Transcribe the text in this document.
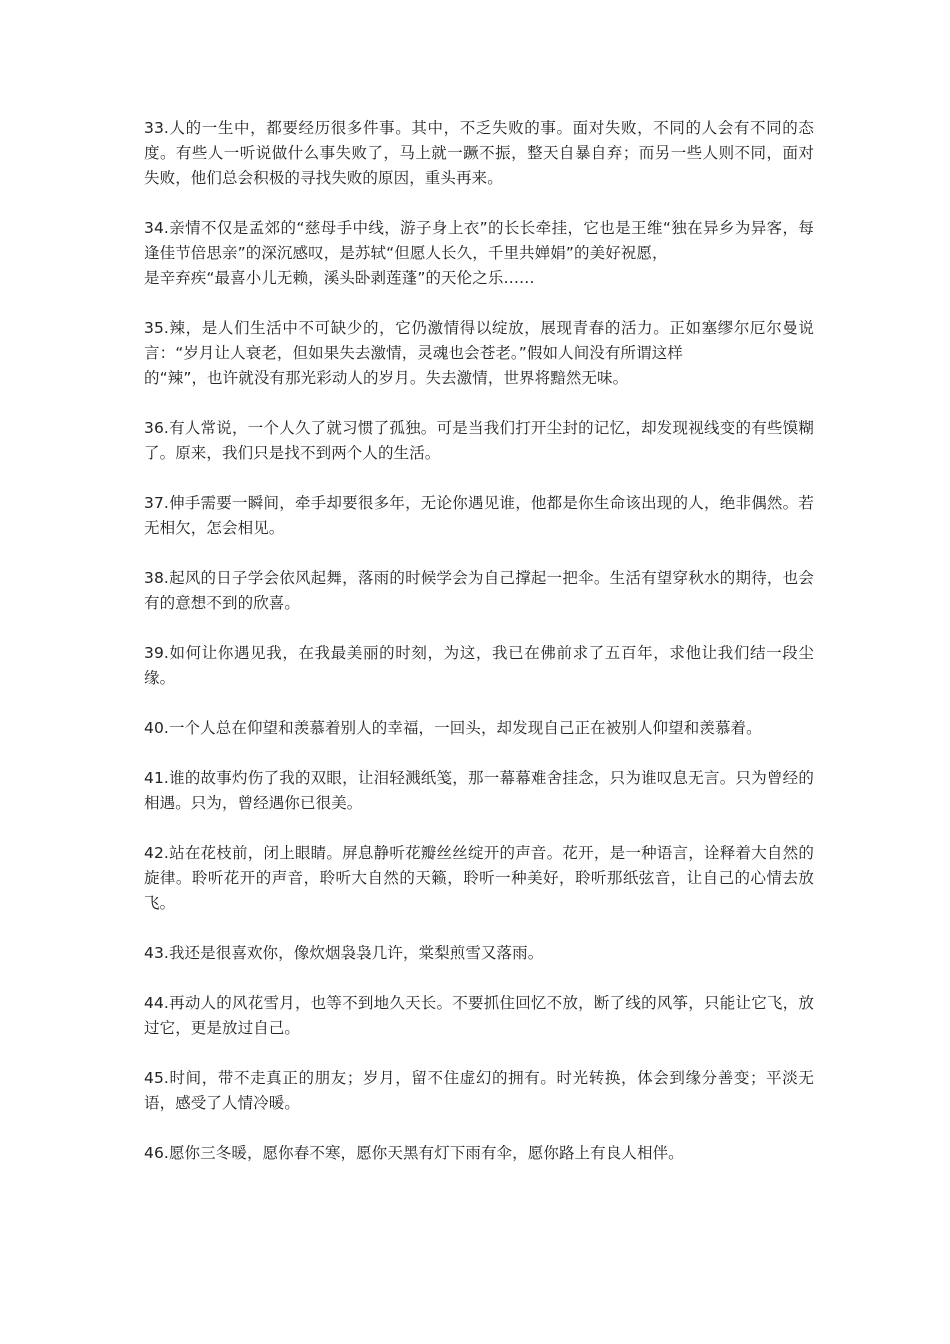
33.人的一生中，都要经历很多件事。其中，不乏失败的事。面对失败，不同的人会有不同的态度。有些人一听说做什么事失败了，马上就一蹶不振，整天自暴自弃；而另一些人则不同，面对失败，他们总会积极的寻找失败的原因，重头再来。

34.亲情不仅是孟郊的“慈母手中线，游子身上衣”的长长牵挂，它也是王维“独在异乡为异客，每逢佳节倍思亲”的深沉感叹，是苏轼“但愿人长久，千里共婵娟”的美好祝愿，
是辛弃疾“最喜小儿无赖，溪头卧剥莲蓬”的天伦之乐……

35.辣，是人们生活中不可缺少的，它仍激情得以绽放，展现青春的活力。正如塞缪尔厄尔曼说言：“岁月让人衰老，但如果失去激情，灵魂也会苍老。”假如人间没有所谓这样
的“辣”，也许就没有那光彩动人的岁月。失去激情，世界将黯然无味。

36.有人常说，一个人久了就习惯了孤独。可是当我们打开尘封的记忆，却发现视线变的有些馍糊了。原来，我们只是找不到两个人的生活。

37.伸手需要一瞬间，牵手却要很多年，无论你遇见谁，他都是你生命该出现的人，绝非偶然。若无相欠，怎会相见。

38.起风的日子学会依风起舞，落雨的时候学会为自己撑起一把伞。生活有望穿秋水的期待，也会有的意想不到的欣喜。

39.如何让你遇见我，在我最美丽的时刻，为这，我已在佛前求了五百年，求他让我们结一段尘缘。

40.一个人总在仰望和羡慕着别人的幸福，一回头，却发现自己正在被别人仰望和羡慕着。

41.谁的故事灼伤了我的双眼，让泪轻溅纸笺，那一幕幕难舍挂念，只为谁叹息无言。只为曾经的相遇。只为，曾经遇你已很美。

42.站在花枝前，闭上眼睛。屏息静听花瓣丝丝绽开的声音。花开，是一种语言，诠释着大自然的旋律。聆听花开的声音，聆听大自然的天籁，聆听一种美好，聆听那纸弦音，让自己的心情去放飞。

43.我还是很喜欢你，像炊烟袅袅几许，棠梨煎雪又落雨。

44.再动人的风花雪月，也等不到地久天长。不要抓住回忆不放，断了线的风筝，只能让它飞，放过它，更是放过自己。

45.时间，带不走真正的朋友；岁月，留不住虚幻的拥有。时光转换，体会到缘分善变；平淡无语，感受了人情冷暖。

46.愿你三冬暖，愿你春不寒，愿你天黑有灯下雨有伞，愿你路上有良人相伴。
